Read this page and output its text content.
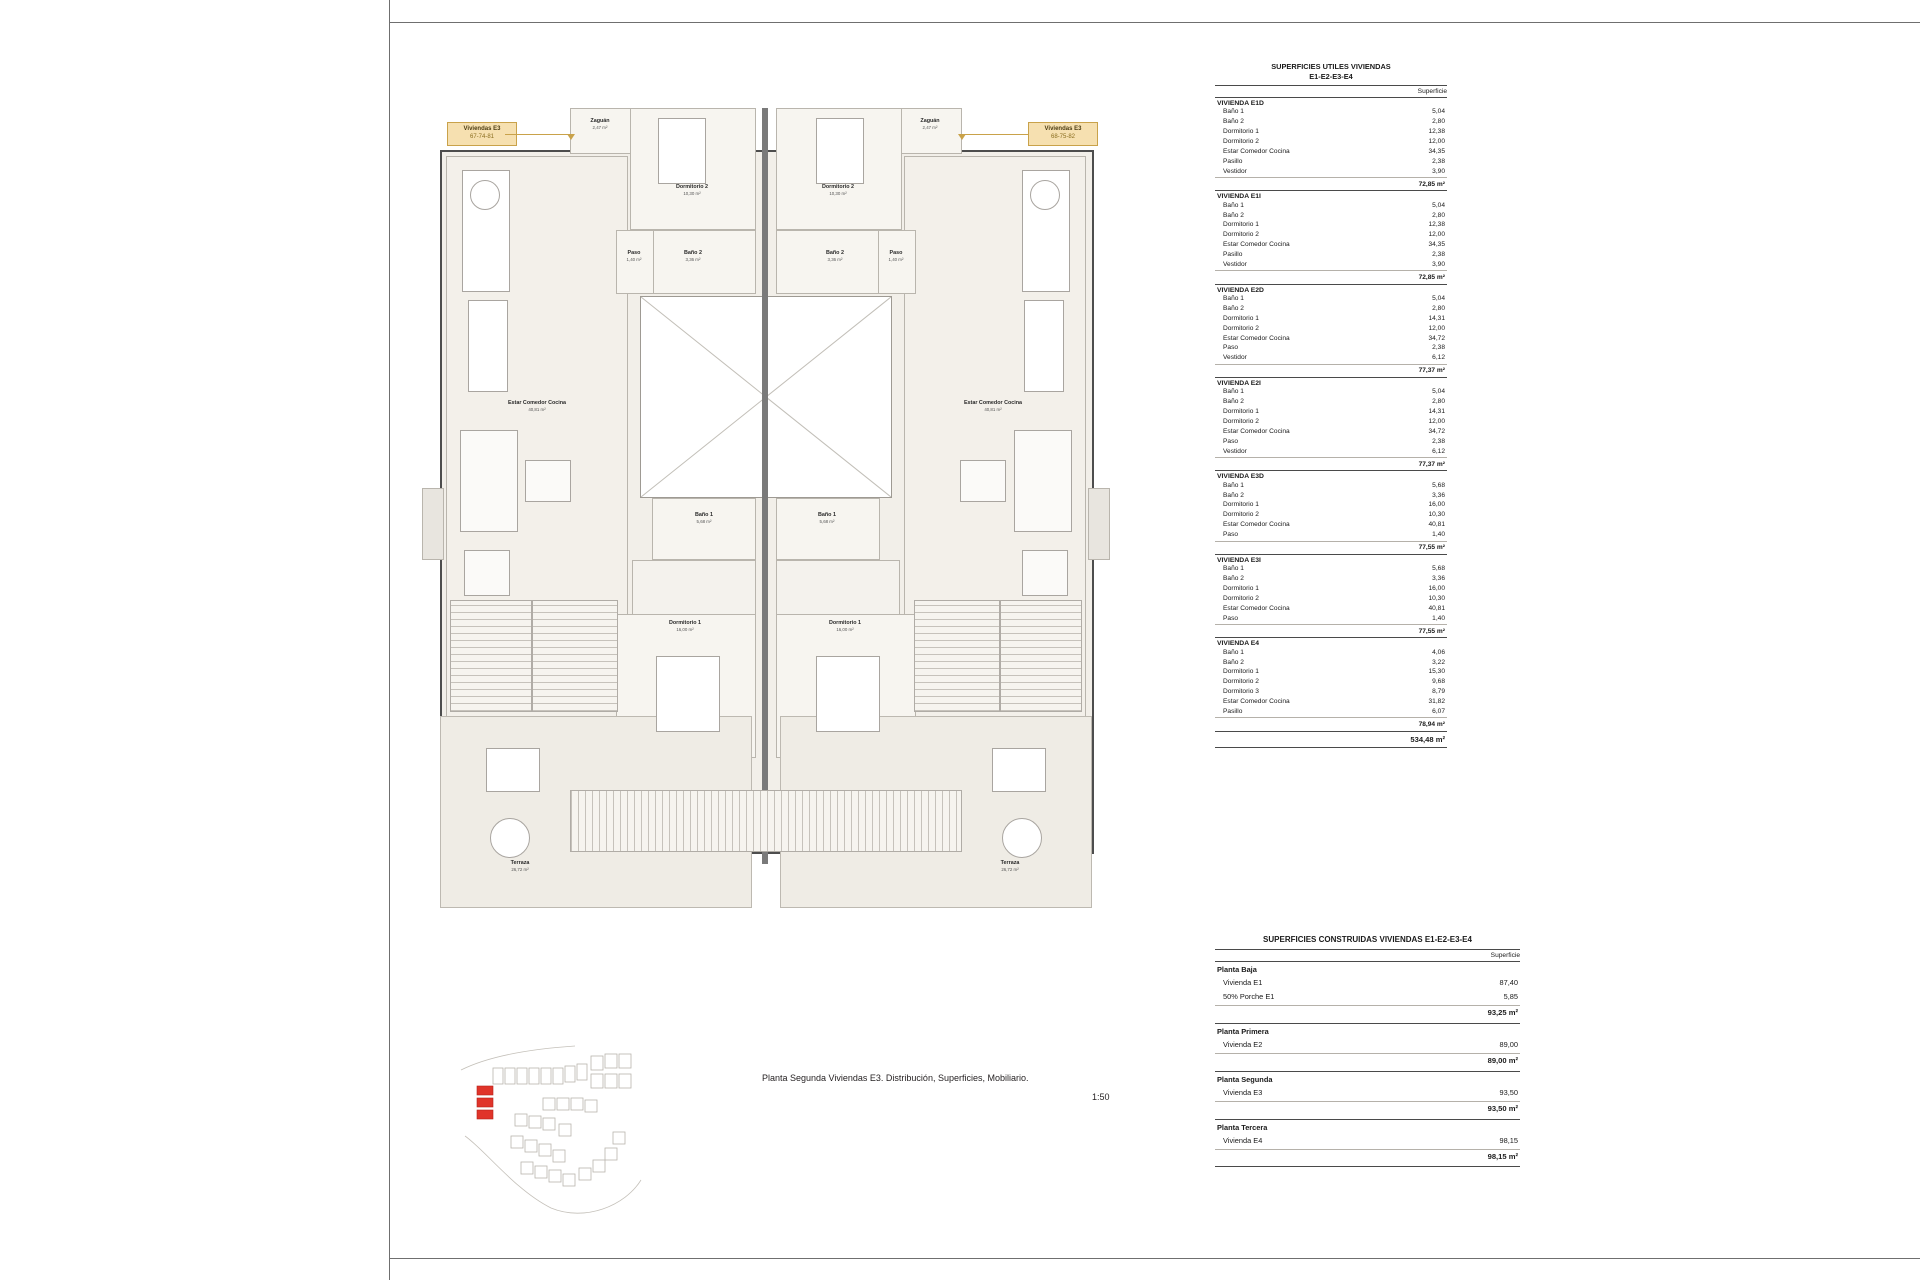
Zaguán
2,47 m²
Zaguán
2,47 m²
Dormitorio 2
10,30 m²
Dormitorio 2
10,30 m²
Paso
1,40 m²
Paso
1,40 m²
Baño 2
3,36 m²
Baño 2
3,36 m²
Baño 1
5,68 m²
Baño 1
5,68 m²
Estar Comedor Cocina
40,81 m²
Estar Comedor Cocina
40,81 m²
Dormitorio 1
16,00 m²
Dormitorio 1
16,00 m²
Terraza
26,72 m²
Terraza
26,72 m²
Viviendas E3
67-74-81
Viviendas E3
68-75-82
Planta Segunda Viviendas E3. Distribución, Superficies, Mobiliario.
1:50
SUPERFICIES UTILES VIVIENDAS
E1-E2-E3-E4
Superficie
VIVIENDA E1D
Baño 1	5,04
Baño 2	2,80
Dormitorio 1	12,38
Dormitorio 2	12,00
Estar Comedor Cocina	34,35
Pasillo	2,38
Vestidor	3,90
72,85 m²
VIVIENDA E1I
Baño 1	5,04
Baño 2	2,80
Dormitorio 1	12,38
Dormitorio 2	12,00
Estar Comedor Cocina	34,35
Pasillo	2,38
Vestidor	3,90
72,85 m²
VIVIENDA E2D
Baño 1	5,04
Baño 2	2,80
Dormitorio 1	14,31
Dormitorio 2	12,00
Estar Comedor Cocina	34,72
Paso	2,38
Vestidor	6,12
77,37 m²
VIVIENDA E2I
Baño 1	5,04
Baño 2	2,80
Dormitorio 1	14,31
Dormitorio 2	12,00
Estar Comedor Cocina	34,72
Paso	2,38
Vestidor	6,12
77,37 m²
VIVIENDA E3D
Baño 1	5,68
Baño 2	3,36
Dormitorio 1	16,00
Dormitorio 2	10,30
Estar Comedor Cocina	40,81
Paso	1,40
77,55 m²
VIVIENDA E3I
Baño 1	5,68
Baño 2	3,36
Dormitorio 1	16,00
Dormitorio 2	10,30
Estar Comedor Cocina	40,81
Paso	1,40
77,55 m²
VIVIENDA E4
Baño 1	4,06
Baño 2	3,22
Dormitorio 1	15,30
Dormitorio 2	9,68
Dormitorio 3	8,79
Estar Comedor Cocina	31,82
Pasillo	6,07
78,94 m²
534,48 m²
SUPERFICIES CONSTRUIDAS VIVIENDAS E1-E2-E3-E4
Superficie
Planta Baja
Vivienda E1	87,40
50% Porche E1	5,85
93,25 m²
Planta Primera
Vivienda E2	89,00
89,00 m²
Planta Segunda
Vivienda E3	93,50
93,50 m²
Planta Tercera
Vivienda E4	98,15
98,15 m²
